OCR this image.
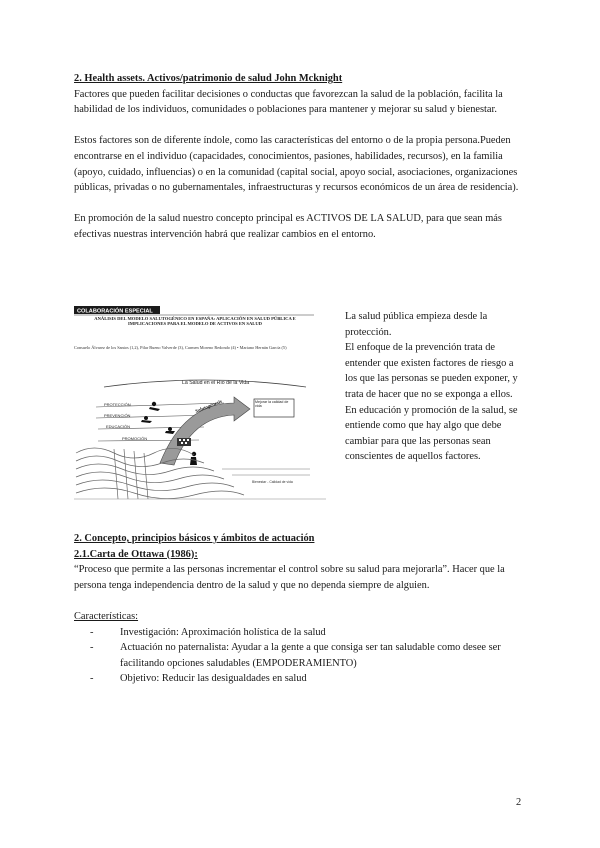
2. Health assets. Activos/patrimonio de salud John Mcknight

Factores que pueden facilitar decisiones o conductas que favorezcan la salud de la población, facilita la habilidad de los individuos, comunidades o poblaciones para mantener y mejorar su salud y bienestar.

Estos factores son de diferente índole, como las características del entorno o de la propia persona.Pueden encontrarse en el individuo (capacidades, conocimientos, pasiones, habilidades, recursos), en la familia (apoyo, cuidado, influencias) o en la comunidad (capital social, apoyo social, asociaciones, organizaciones públicas, privadas o no gubernamentales, infraestructuras y recursos económicos de un área de residencia).

En promoción de la salud nuestro concepto principal es ACTIVOS DE LA SALUD, para que sean más efectivas nuestras intervención habrá que realizar cambios en el entorno.

COLABORACIÓN ESPECIAL
ANÁLISIS DEL MODELO SALUTOGÉNICO EN ESPAÑA: APLICACIÓN EN SALUD PÚBLICA E IMPLICACIONES PARA EL MODELO DE ACTIVOS EN SALUD
Consuelo Álvarez de los Santos (1,2), Pilar Bueno Valverde (3), Carmen Moreno Redondo (4) • Mariano Hernán García (5)
La Salud en el Río de la Vida
PROTECCIÓN
PREVENCIÓN
EDUCACIÓN
PROMOCIÓN
Salutogénesis	Mejorar la calidad de vida
Bienestar - Calidad de vida

La salud pública empieza desde la protección.

El enfoque de la prevención trata de entender que existen factores de riesgo a los que las personas se pueden exponer, y trata de hacer que no se exponga a ellos.

En educación y promoción de la salud, se entiende como que hay algo que debe cambiar para que las personas sean conscientes de aquellos factores.

2. Concepto, principios básicos y ámbitos de actuación

2.1.Carta de Ottawa (1986):

“Proceso que permite a las personas incrementar el control sobre su salud para mejorarla”. Hacer que la persona tenga independencia dentro de la salud y que no dependa siempre de alguien.

Características:

- Investigación: Aproximación holística de la salud
- Actuación no paternalista: Ayudar a la gente a que consiga ser tan saludable como desee ser facilitando opciones saludables (EMPODERAMIENTO)
- Objetivo: Reducir las desigualdades en salud
2
